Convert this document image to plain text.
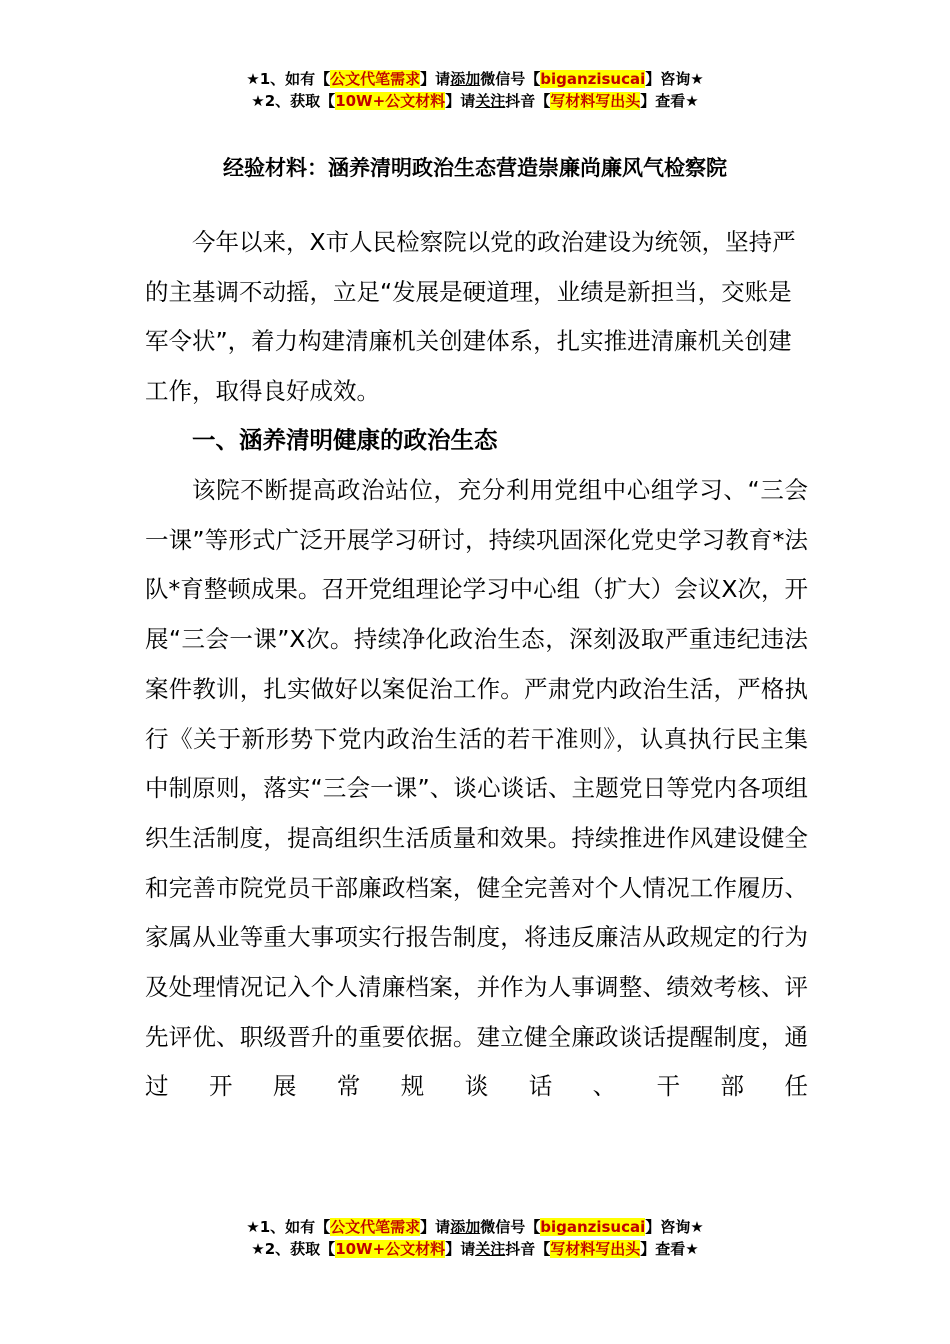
★1、如有【公文代笔需求】请添加微信号【biganzisucai】咨询★
★2、获取【10W+公文材料】请关注抖音【写材料写出头】查看★
经验材料：涵养清明政治生态营造崇廉尚廉风气检察院
今年以来，X市人民检察院以党的政治建设为统领，坚持严的主基调不动摇，立足“发展是硬道理，业绩是新担当，交账是军令状”，着力构建清廉机关创建体系，扎实推进清廉机关创建工作，取得良好成效。
一、涵养清明健康的政治生态
该院不断提高政治站位，充分利用党组中心组学习、“三会一课”等形式广泛开展学习研讨，持续巩固深化党史学习教育*法队*育整顿成果。召开党组理论学习中心组（扩大）会议X次，开展“三会一课”X次。持续净化政治生态，深刻汲取严重违纪违法案件教训，扎实做好以案促治工作。严肃党内政治生活，严格执行《关于新形势下党内政治生活的若干准则》，认真执行民主集中制原则，落实“三会一课”、谈心谈话、主题党日等党内各项组织生活制度，提高组织生活质量和效果。持续推进作风建设健全和完善市院党员干部廉政档案，健全完善对个人情况工作履历、家属从业等重大事项实行报告制度，将违反廉洁从政规定的行为及处理情况记入个人清廉档案，并作为人事调整、绩效考核、评先评优、职级晋升的重要依据。建立健全廉政谈话提醒制度，通过开展常规谈话、干部任
★1、如有【公文代笔需求】请添加微信号【biganzisucai】咨询★
★2、获取【10W+公文材料】请关注抖音【写材料写出头】查看★
